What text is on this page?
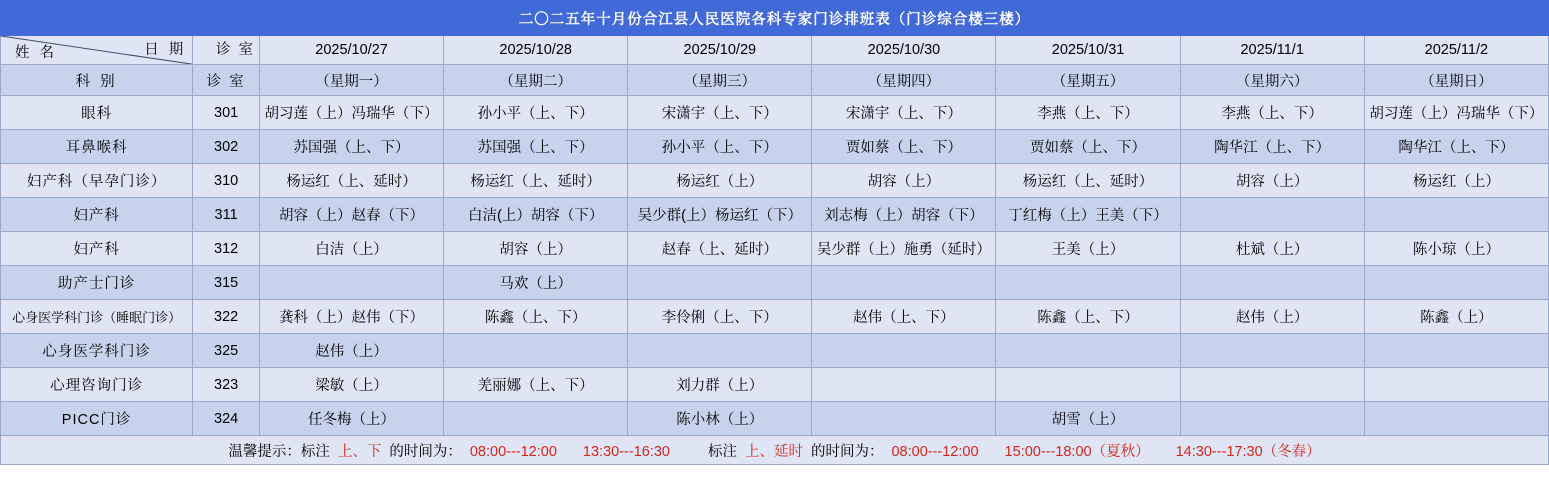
二〇二五年十月份合江县人民医院各科专家门诊排班表（门诊综合楼三楼）								

姓 名 日 期	诊 室	2025/10/27	2025/10/28	2025/10/29	2025/10/30	2025/10/31	2025/11/1	2025/11/2
科 别	诊 室	（星期一）	（星期二）	（星期三）	（星期四）	（星期五）	（星期六）	（星期日）
眼科	301	胡习莲（上）冯瑞华（下）	孙小平（上、下）	宋潇宇（上、下）	宋潇宇（上、下）	李燕（上、下）	李燕（上、下）	胡习莲（上）冯瑞华（下）
耳鼻喉科	302	苏国强（上、下）	苏国强（上、下）	孙小平（上、下）	贾如蔡（上、下）	贾如蔡（上、下）	陶华江（上、下）	陶华江（上、下）
妇产科（早孕门诊）	310	杨运红（上、延时）	杨运红（上、延时）	杨运红（上）	胡容（上）	杨运红（上、延时）	胡容（上）	杨运红（上）
妇产科	311	胡容（上）赵春（下）	白洁(上）胡容（下）	吴少群(上）杨运红（下）	刘志梅（上）胡容（下）	丁红梅（上）王美（下）		
妇产科	312	白洁（上）	胡容（上）	赵春（上、延时）	吴少群（上）施勇（延时）	王美（上）	杜斌（上）	陈小琼（上）
助产士门诊	315		马欢（上）					
心身医学科门诊（睡眠门诊）	322	龚科（上）赵伟（下）	陈鑫（上、下）	李伶俐（上、下）	赵伟（上、下）	陈鑫（上、下）	赵伟（上）	陈鑫（上）
心身医学科门诊	325	赵伟（上）						
心理咨询门诊	323	梁敏（上）	羌丽娜（上、下）	刘力群（上）				
PICC门诊	324	任冬梅（上）		陈小林（上）		胡雪（上）		
温馨提示：标注 上、下 的时间为： 08:00---12:00 13:30---16:30 标注 上、延时 的时间为： 08:00---12:00 15:00---18:00（夏秋） 14:30---17:30（冬春）								
